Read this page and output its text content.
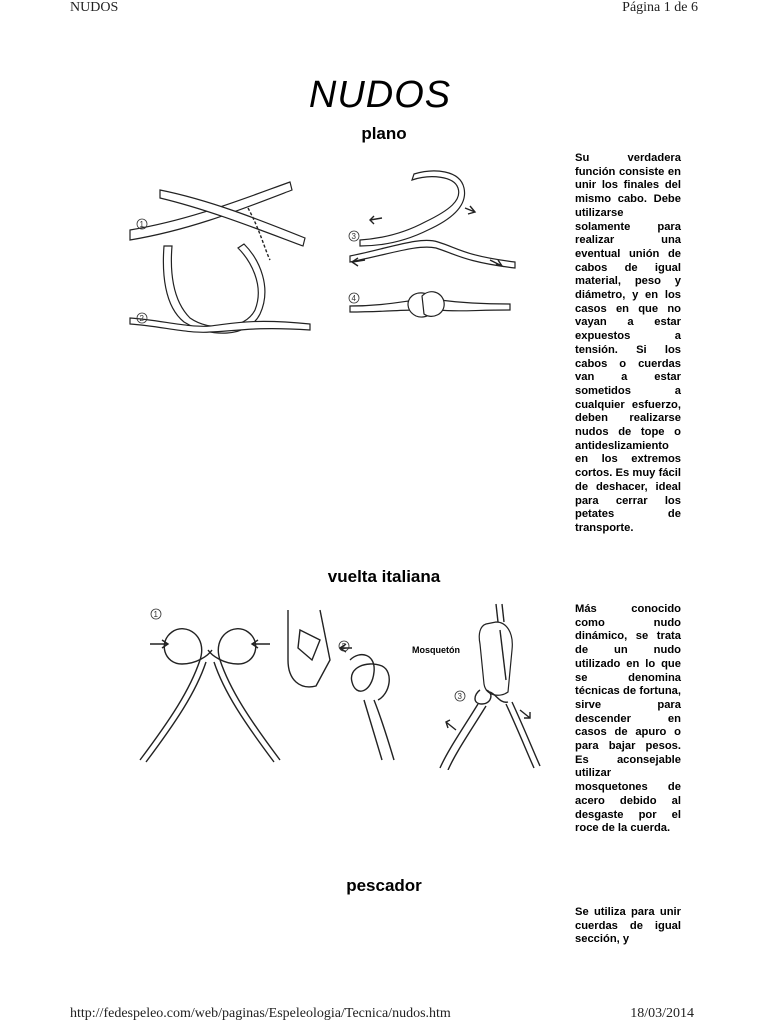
NUDOS	Página 1 de 6
NUDOS
plano
1
2
3
4
Su verdadera función consiste en unir los finales del mismo cabo. Debe utilizarse solamente para realizar una eventual unión de cabos de igual material, peso y diámetro, y en los casos en que no vayan a estar expuestos a tensión. Si los cabos o cuerdas van a estar sometidos a cualquier esfuerzo, deben realizarse nudos de tope o antideslizamiento en los extremos cortos. Es muy fácil de deshacer, ideal para cerrar los petates de transporte.
vuelta italiana
1
2
3
Mosquetón
Más conocido como nudo dinámico, se trata de un nudo utilizado en lo que se denomina técnicas de fortuna, sirve para descender en casos de apuro o para bajar pesos. Es aconsejable utilizar mosquetones de acero debido al desgaste por el roce de la cuerda.
pescador
Se utiliza para unir cuerdas de igual sección, y
http://fedespeleo.com/web/paginas/Espeleologia/Tecnica/nudos.htm	18/03/2014
